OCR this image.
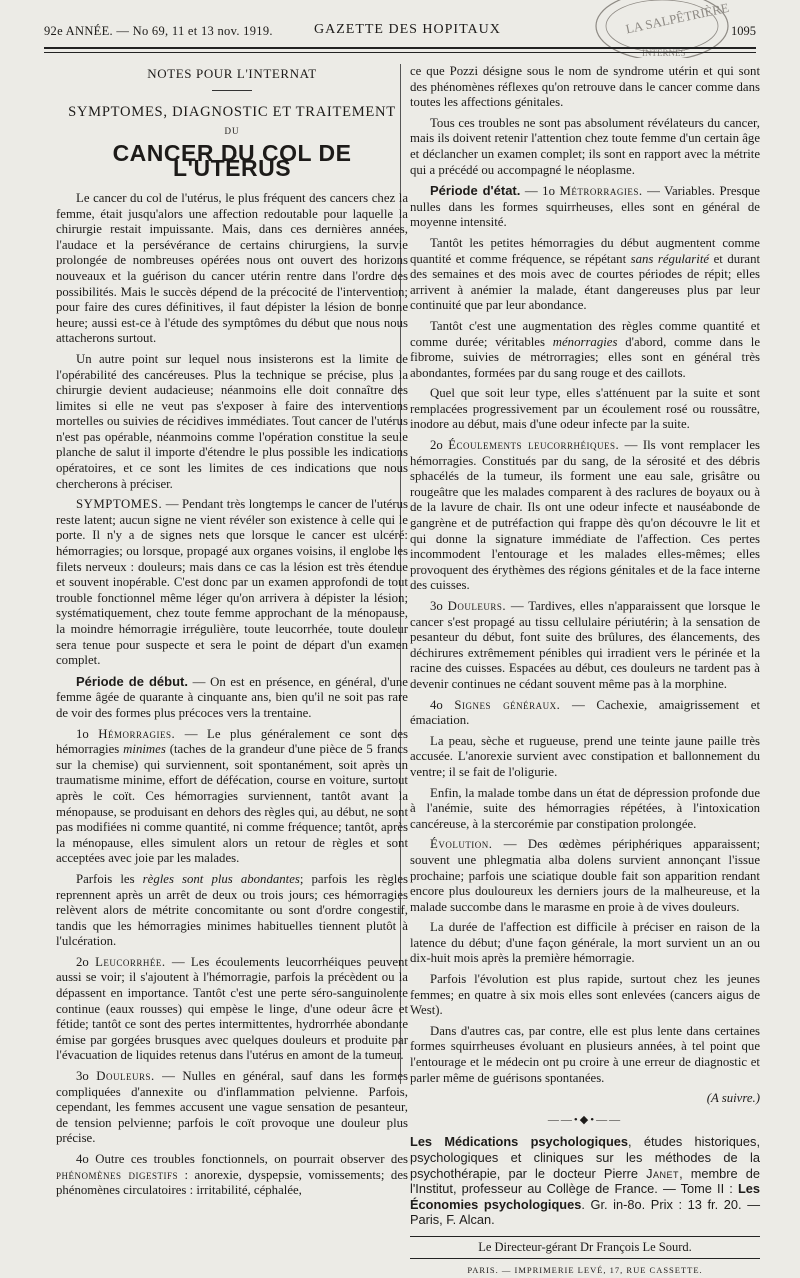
92e ANNÉE. — No 69, 11 et 13 nov. 1919.	GAZETTE DES HOPITAUX	1095
LA SALPÊTRIÈRE
INTERNES
NOTES POUR L'INTERNAT
SYMPTOMES, DIAGNOSTIC ET TRAITEMENT
DU
CANCER DU COL DE L'UTÉRUS

Le cancer du col de l'utérus, le plus fréquent des cancers chez la femme, était jusqu'alors une affection redoutable pour laquelle la chirurgie restait impuissante. Mais, dans ces dernières années, l'audace et la persévérance de certains chirurgiens, la survie prolongée de nombreuses opérées nous ont ouvert des horizons nouveaux et la guérison du cancer utérin rentre dans l'ordre des possibilités. Mais le succès dépend de la précocité de l'intervention; pour faire des cures définitives, il faut dépister la lésion de bonne heure; aussi est-ce à l'étude des symptômes du début que nous nous attacherons surtout.

Un autre point sur lequel nous insisterons est la limite de l'opérabilité des cancéreuses. Plus la technique se précise, plus la chirurgie devient audacieuse; néanmoins elle doit connaître des limites si elle ne veut pas s'exposer à faire des interventions mortelles ou suivies de récidives immédiates. Tout cancer de l'utérus n'est pas opérable, néanmoins comme l'opération constitue la seule planche de salut il importe d'étendre le plus possible les indications opératoires, et ce sont les limites de ces indications que nous chercherons à préciser.

SYMPTOMES. — Pendant très longtemps le cancer de l'utérus reste latent; aucun signe ne vient révéler son existence à celle qui le porte. Il n'y a de signes nets que lorsque le cancer est ulcéré: hémorragies; ou lorsque, propagé aux organes voisins, il englobe les filets nerveux : douleurs; mais dans ce cas la lésion est très étendue et souvent inopérable. C'est donc par un examen approfondi de tout trouble fonctionnel même léger qu'on arrivera à dépister la lésion; systématiquement, chez toute femme approchant de la ménopause, la moindre hémorragie irrégulière, toute leucorrhée, toute douleur sera tenue pour suspecte et sera le point de départ d'un examen complet.

Période de début. — On est en présence, en général, d'une femme âgée de quarante à cinquante ans, bien qu'il ne soit pas rare de voir des formes plus précoces vers la trentaine.

1o Hémorragies. — Le plus généralement ce sont des hémorragies minimes (taches de la grandeur d'une pièce de 5 francs sur la chemise) qui surviennent, soit spontanément, soit après un traumatisme minime, effort de défécation, course en voiture, surtout après le coït. Ces hémorragies surviennent, tantôt avant la ménopause, se produisant en dehors des règles qui, au début, ne sont pas modifiées ni comme quantité, ni comme fréquence; tantôt, après la ménopause, elles simulent alors un retour de règles et sont acceptées avec joie par les malades.

Parfois les règles sont plus abondantes; parfois les règles reprennent après un arrêt de deux ou trois jours; ces hémorragies relèvent alors de métrite concomitante ou sont d'ordre congestif, tandis que les hémorragies minimes habituelles tiennent plutôt à l'ulcération.

2o Leucorrhée. — Les écoulements leucorrhéiques peuvent aussi se voir; il s'ajoutent à l'hémorragie, parfois la précèdent ou la dépassent en importance. Tantôt c'est une perte séro-sanguinolente continue (eaux rousses) qui empèse le linge, d'une odeur âcre et fétide; tantôt ce sont des pertes intermittentes, hydrorrhée abondante émise par gorgées brusques avec quelques douleurs et produite par l'évacuation de liquides retenus dans l'utérus en amont de la tumeur.

3o Douleurs. — Nulles en général, sauf dans les formes compliquées d'annexite ou d'inflammation pelvienne. Parfois, cependant, les femmes accusent une vague sensation de pesanteur, de tension pelvienne; parfois le coït provoque une douleur plus précise.

4o Outre ces troubles fonctionnels, on pourrait observer des phénomènes digestifs : anorexie, dyspepsie, vomissements; des phénomènes circulatoires : irritabilité, céphalée,

ce que Pozzi désigne sous le nom de syndrome utérin et qui sont des phénomènes réflexes qu'on retrouve dans le cancer comme dans toutes les affections génitales.

Tous ces troubles ne sont pas absolument révélateurs du cancer, mais ils doivent retenir l'attention chez toute femme d'un certain âge et déclancher un examen complet; ils sont en rapport avec la métrite qui a précédé ou accompagné le néoplasme.

Période d'état. — 1o Métrorragies. — Variables. Presque nulles dans les formes squirrheuses, elles sont en général de moyenne intensité.

Tantôt les petites hémorragies du début augmentent comme quantité et comme fréquence, se répétant sans régularité et durant des semaines et des mois avec de courtes périodes de répit; elles arrivent à anémier la malade, étant dangereuses plus par leur continuité que par leur abondance.

Tantôt c'est une augmentation des règles comme quantité et comme durée; véritables ménorragies d'abord, comme dans le fibrome, suivies de métrorragies; elles sont en général très abondantes, formées par du sang rouge et des caillots.

Quel que soit leur type, elles s'atténuent par la suite et sont remplacées progressivement par un écoulement rosé ou roussâtre, inodore au début, mais d'une odeur infecte par la suite.

2o Écoulements leucorrhéiques. — Ils vont remplacer les hémorragies. Constitués par du sang, de la sérosité et des débris sphacélés de la tumeur, ils forment une eau sale, grisâtre ou rougeâtre que les malades comparent à des raclures de boyaux ou à de la lavure de chair. Ils ont une odeur infecte et nauséabonde de gangrène et de putréfaction qui frappe dès qu'on découvre le lit et qui donne la signature immédiate de l'affection. Ces pertes incommodent l'entourage et les malades elles-mêmes; elles provoquent des érythèmes des régions génitales et de la face interne des cuisses.

3o Douleurs. — Tardives, elles n'apparaissent que lorsque le cancer s'est propagé au tissu cellulaire périutérin; à la sensation de pesanteur du début, font suite des brûlures, des élancements, des déchirures extrêmement pénibles qui irradient vers le périnée et la racine des cuisses. Espacées au début, ces douleurs ne tardent pas à devenir continues ne cédant souvent même pas à la morphine.

4o Signes généraux. — Cachexie, amaigrissement et émaciation.

La peau, sèche et rugueuse, prend une teinte jaune paille très accusée. L'anorexie survient avec constipation et ballonnement du ventre; il se fait de l'oligurie.

Enfin, la malade tombe dans un état de dépression profonde due à l'anémie, suite des hémorragies répétées, à l'intoxication cancéreuse, à la stercorémie par constipation prolongée.

Évolution. — Des œdèmes périphériques apparaissent; souvent une phlegmatia alba dolens survient annonçant l'issue prochaine; parfois une sciatique double fait son apparition rendant encore plus douloureux les derniers jours de la malheureuse, et la malade succombe dans le marasme en proie à de vives douleurs.

La durée de l'affection est difficile à préciser en raison de la latence du début; d'une façon générale, la mort survient un an ou dix-huit mois après la première hémorragie.

Parfois l'évolution est plus rapide, surtout chez les jeunes femmes; en quatre à six mois elles sont enlevées (cancers aigus de West).

Dans d'autres cas, par contre, elle est plus lente dans certaines formes squirrheuses évoluant en plusieurs années, à tel point que l'entourage et le médecin ont pu croire à une erreur de diagnostic et parler même de guérisons spontanées.

(A suivre.)

——•◆•——

Les Médications psychologiques, études historiques, psychologiques et cliniques sur les méthodes de la psychothérapie, par le docteur Pierre Janet, membre de l'Institut, professeur au Collège de France. — Tome II : Les Économies psychologiques. Gr. in-8o. Prix : 13 fr. 20. — Paris, F. Alcan.

Le Directeur-gérant Dr François Le Sourd.
PARIS. — IMPRIMERIE LEVÉ, 17, RUE CASSETTE.
